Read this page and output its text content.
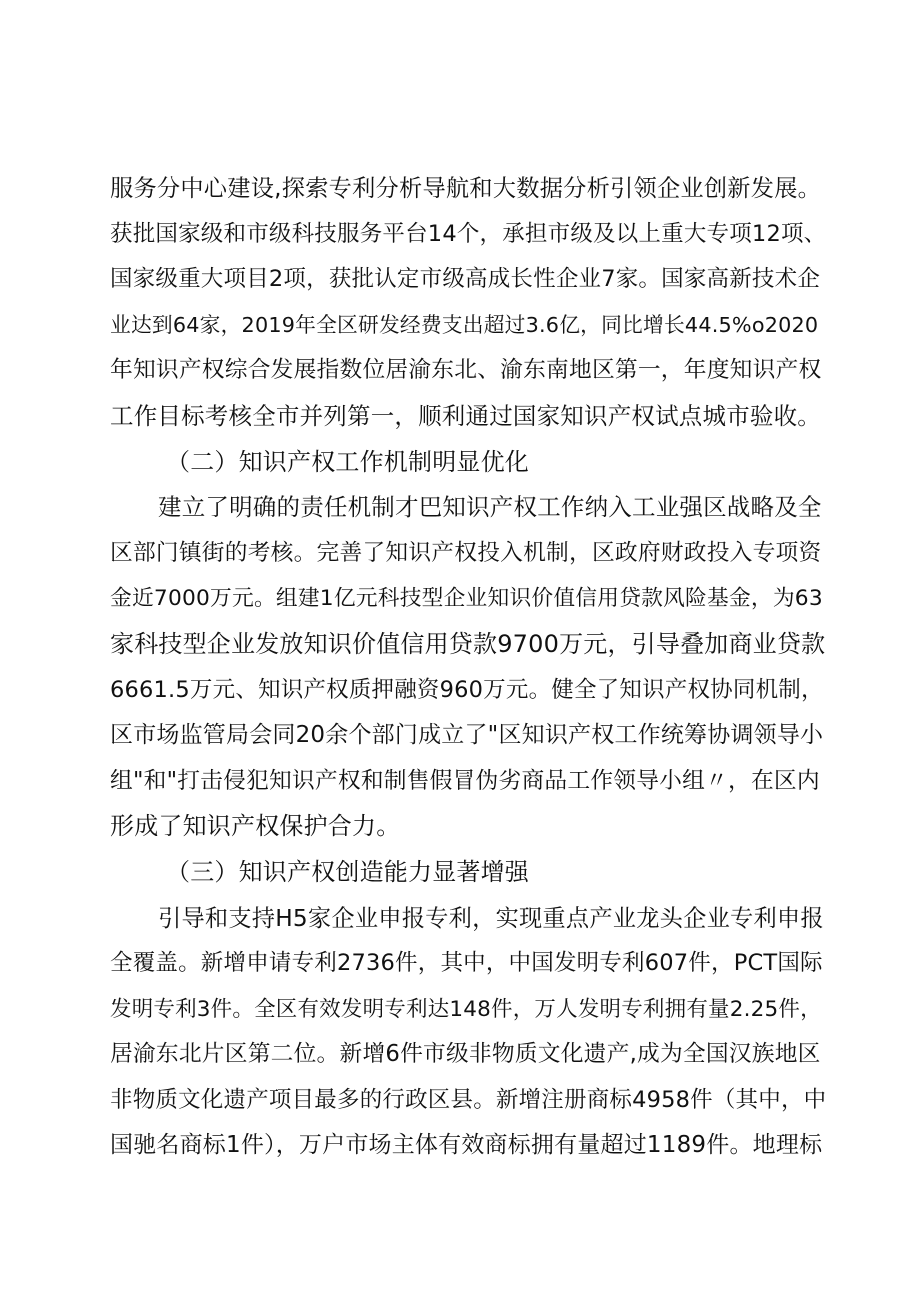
服务分中心建设,探索专利分析导航和大数据分析引领企业创新发展。
获批国家级和市级科技服务平台14个，承担市级及以上重大专项12项、
国家级重大项目2项，获批认定市级高成长性企业7家。国家高新技术企
业达到64家，2019年全区研发经费支出超过3.6亿，同比增长44.5%o2020
年知识产权综合发展指数位居渝东北、渝东南地区第一，年度知识产权
工作目标考核全市并列第一，顺利通过国家知识产权试点城市验收。
（二）知识产权工作机制明显优化
建立了明确的责任机制才巴知识产权工作纳入工业强区战略及全
区部门镇街的考核。完善了知识产权投入机制，区政府财政投入专项资
金近7000万元。组建1亿元科技型企业知识价值信用贷款风险基金，为63
家科技型企业发放知识价值信用贷款9700万元，引导叠加商业贷款
6661.5万元、知识产权质押融资960万元。健全了知识产权协同机制，
区市场监管局会同20余个部门成立了"区知识产权工作统筹协调领导小
组"和"打击侵犯知识产权和制售假冒伪劣商品工作领导小组〃，在区内
形成了知识产权保护合力。
（三）知识产权创造能力显著增强
引导和支持H5家企业申报专利，实现重点产业龙头企业专利申报
全覆盖。新增申请专利2736件，其中，中国发明专利607件，PCT国际
发明专利3件。全区有效发明专利达148件，万人发明专利拥有量2.25件，
居渝东北片区第二位。新增6件市级非物质文化遗产,成为全国汉族地区
非物质文化遗产项目最多的行政区县。新增注册商标4958件（其中，中
国驰名商标1件），万户市场主体有效商标拥有量超过1189件。地理标
